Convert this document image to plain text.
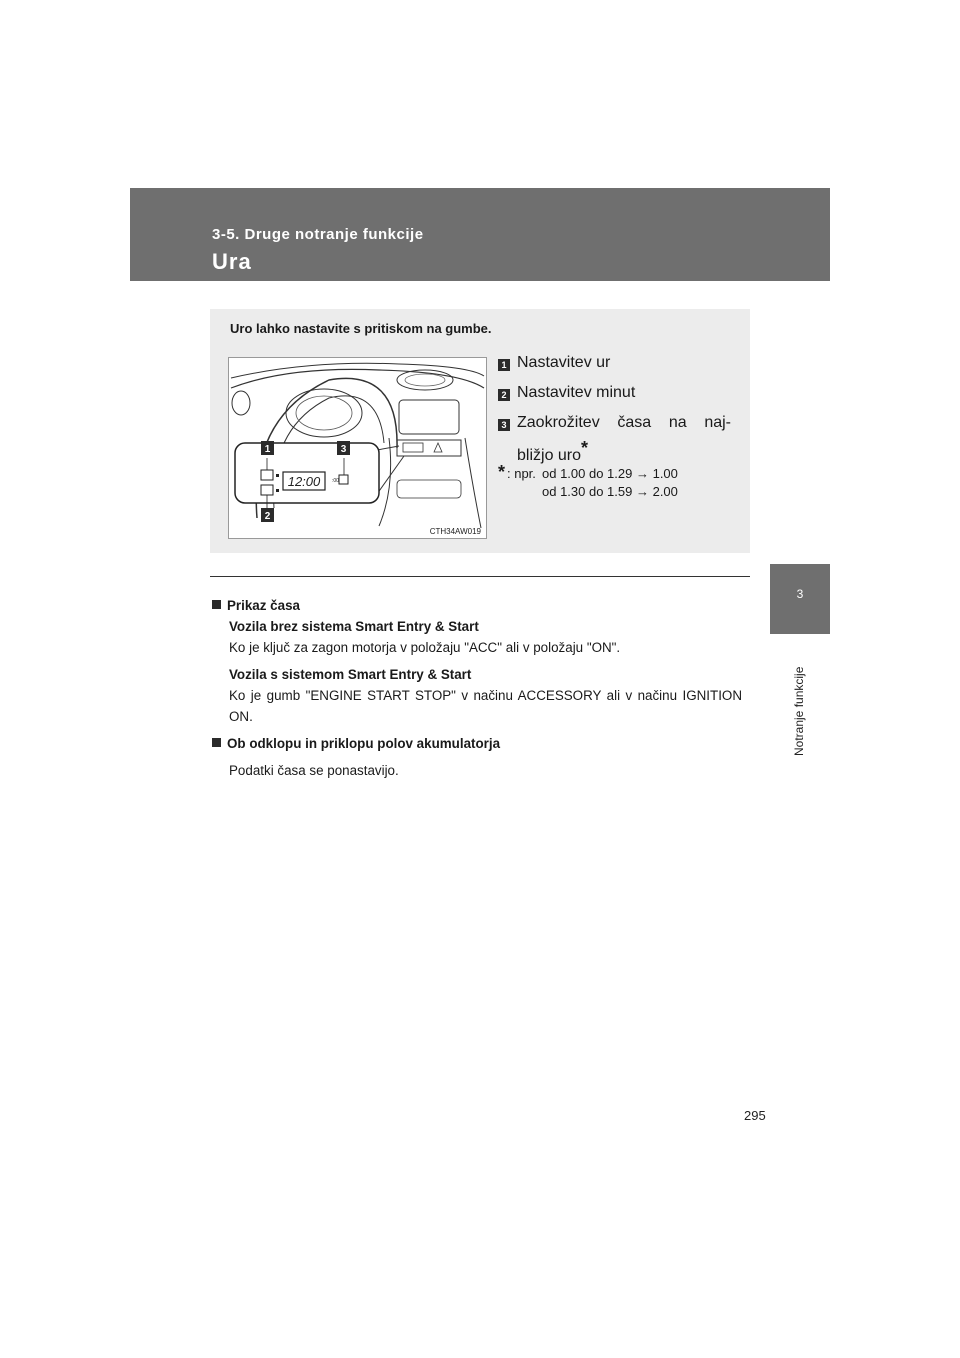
3-5. Druge notranje funkcije
Ura
3
Notranje funkcije
Uro lahko nastavite s pritiskom na gumbe.
12:00 :00
1	3
2
CTH34AW019
1 Nastavitev ur
2 Nastavitev minut
3 Zaokrožitev časa na naj-
bližjo uro*
* : npr. od 1.00 do 1.29 → 1.00
od 1.30 do 1.59 → 2.00
Prikaz časa
Vozila brez sistema Smart Entry & Start
Ko je ključ za zagon motorja v položaju "ACC" ali v položaju "ON".
Vozila s sistemom Smart Entry & Start
Ko je gumb "ENGINE START STOP" v načinu ACCESSORY ali v načinu IGNITION ON.
Ob odklopu in priklopu polov akumulatorja
Podatki časa se ponastavijo.
295
